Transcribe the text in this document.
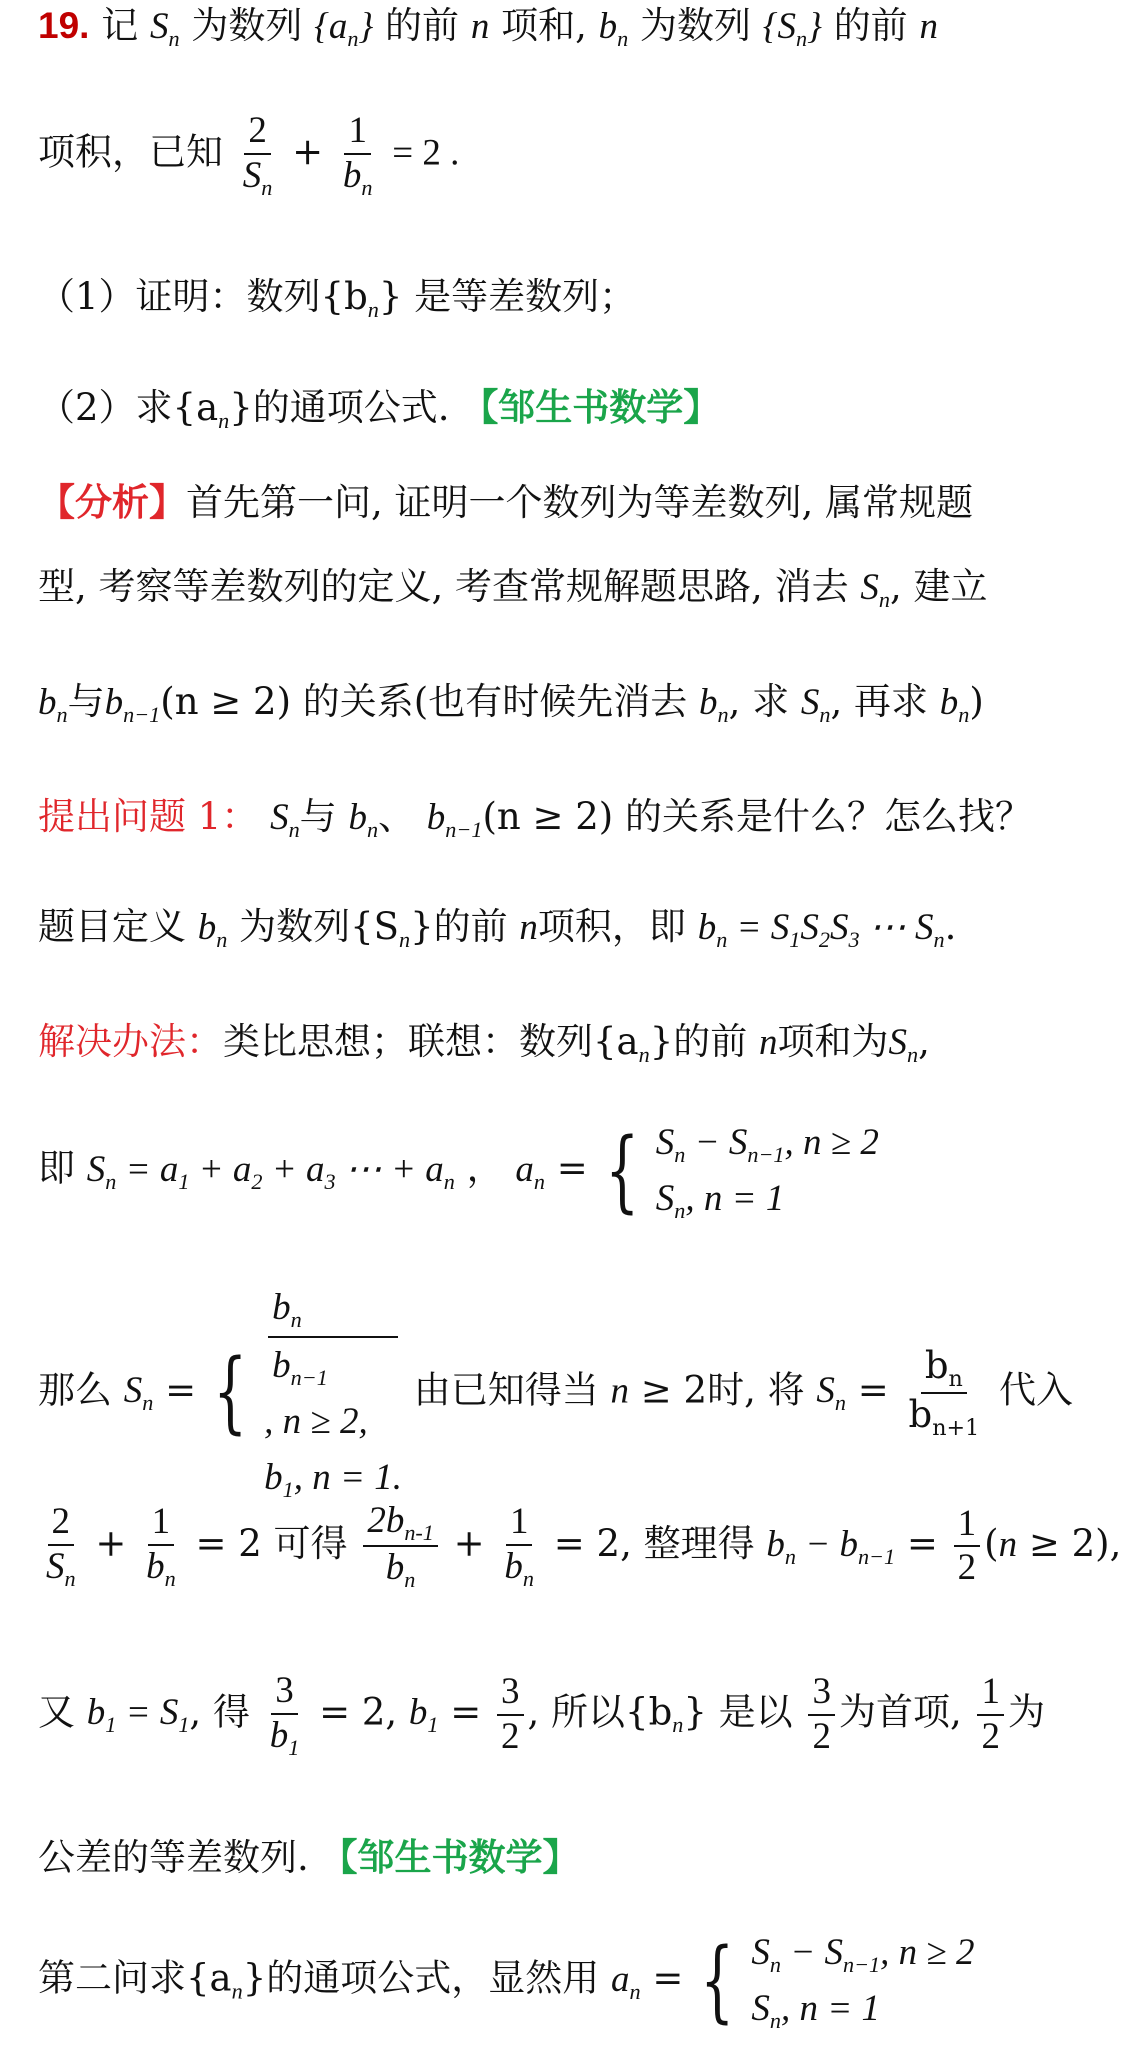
19. 记 $S_n$ 为数列 $\{a_n\}$ 的前 n 项和, $b_n$ 为数列 $\{S_n\}$ 的前 n
项积，已知 $\frac{2}{S_n} + \frac{1}{b_n} = 2$ .
（1）证明：数列$\{b_n\}$ 是等差数列；
（2）求$\{a_n\}$的通项公式. 【邹生书数学】
【分析】首先第一问, 证明一个数列为等差数列, 属常规题
型, 考察等差数列的定义, 考查常规解题思路, 消去 $S_n$, 建立
$b_n$与$b_{n-1}(n \ge 2)$ 的关系(也有时候先消去 $b_n$, 求 $S_n$, 再求 $b_n$)
提出问题 1： $S_n$与 $b_n$、 $b_{n-1}(n \ge 2)$ 的关系是什么？怎么找？
题目定义 $b_n$ 为数列$\{S_n\}$的前 n项积，即 $b_n = S_1S_2S_3$ ⋯ $S_n$.
解决办法：类比思想；联想：数列$\{a_n\}$的前 n项和为$S_n$,
即 $S_n = a_1 + a_2 + a_3$ ⋯ + $a_n$ ， $a_n$ = { $S_n - S_{n-1}$, n ≥ 2
$S_n$, n = 1
那么 $S_n$ = {
$b_n$
$b_{n-1}$
, n ≥ 2,
$b_1$, n = 1.
由已知得当 n ≥ 2时, 将 $S_n = \frac{b_n}{b_{n+1}}$ 代入
$\frac{2}{S_n} + \frac{1}{b_n} = 2$ 可得 $\frac{2b_{n-1}}{b_n} + \frac{1}{b_n} = 2$, 整理得 $b_n - b_{n-1} = \frac{1}{2} (n \ge 2)$,
又 $b_1 = S_1$, 得 $\frac{3}{b_1} = 2$, $b_1 = \frac{3}{2}$ , 所以$\{b_n\}$ 是以 $\frac{3}{2}$ 为首项, $\frac{1}{2}$ 为
公差的等差数列. 【邹生书数学】
第二问求$\{a_n\}$的通项公式，显然用 $a_n$ = { $S_n - S_{n-1}$, n ≥ 2
$S_n$, n = 1
